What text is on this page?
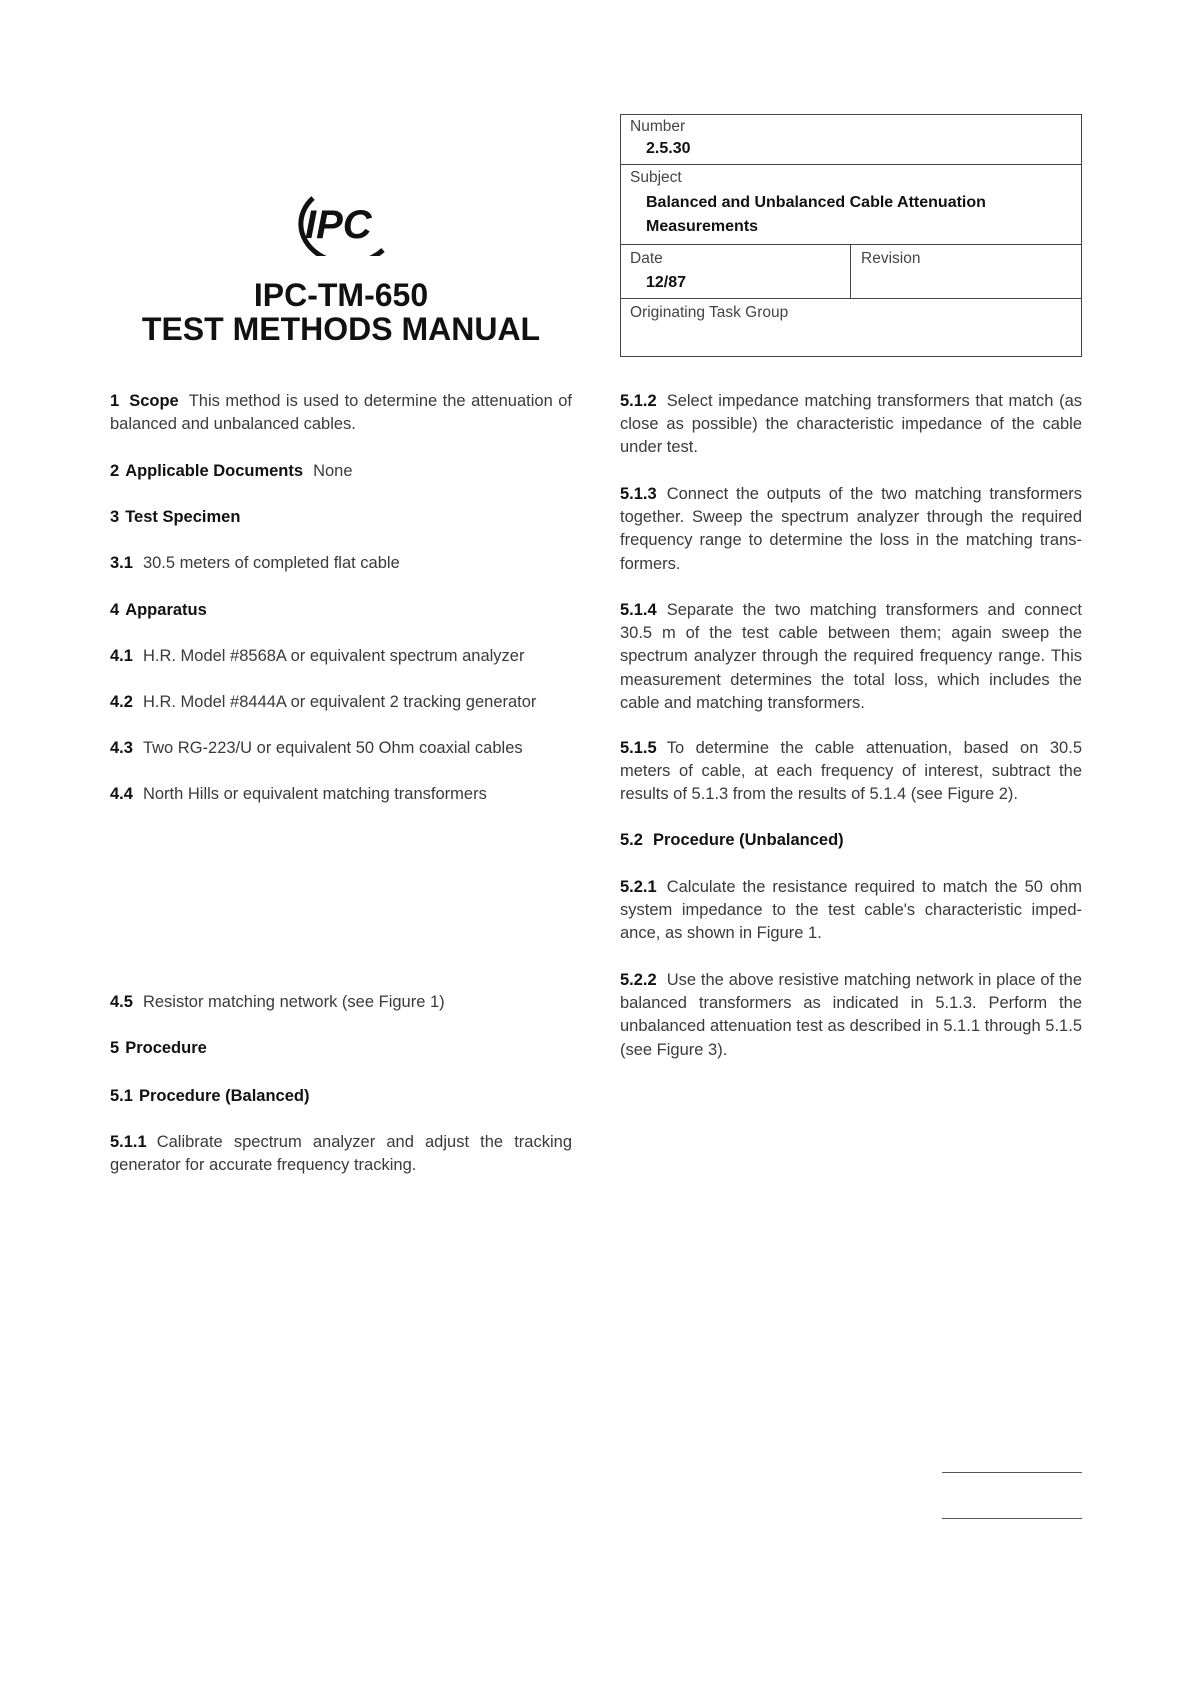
IPC
IPC-TM-650
TEST METHODS MANUAL
Number
2.5.30
Subject
Balanced and Unbalanced Cable Attenuation
Measurements
Date
12/87
Revision
Originating Task Group
1 Scope This method is used to determine the attenuation of balanced and unbalanced cables.
2 Applicable Documents None
3 Test Specimen
3.1 30.5 meters of completed flat cable
4 Apparatus
4.1 H.R. Model #8568A or equivalent spectrum analyzer
4.2 H.R. Model #8444A or equivalent 2 tracking generator
4.3 Two RG-223/U or equivalent 50 Ohm coaxial cables
4.4 North Hills or equivalent matching transformers
4.5 Resistor matching network (see Figure 1)
5 Procedure
5.1 Procedure (Balanced)
5.1.1 Calibrate spectrum analyzer and adjust the tracking generator for accurate frequency tracking.
5.1.2 Select impedance matching transformers that match (as close as possible) the characteristic impedance of the cable under test.
5.1.3 Connect the outputs of the two matching transformers together. Sweep the spectrum analyzer through the required frequency range to determine the loss in the matching trans-formers.
5.1.4 Separate the two matching transformers and connect 30.5 m of the test cable between them; again sweep the spectrum analyzer through the required frequency range. This measurement determines the total loss, which includes the cable and matching transformers.
5.1.5 To determine the cable attenuation, based on 30.5 meters of cable, at each frequency of interest, subtract the results of 5.1.3 from the results of 5.1.4 (see Figure 2).
5.2 Procedure (Unbalanced)
5.2.1 Calculate the resistance required to match the 50 ohm system impedance to the test cable's characteristic imped-ance, as shown in Figure 1.
5.2.2 Use the above resistive matching network in place of the balanced transformers as indicated in 5.1.3. Perform the unbalanced attenuation test as described in 5.1.1 through 5.1.5 (see Figure 3).
